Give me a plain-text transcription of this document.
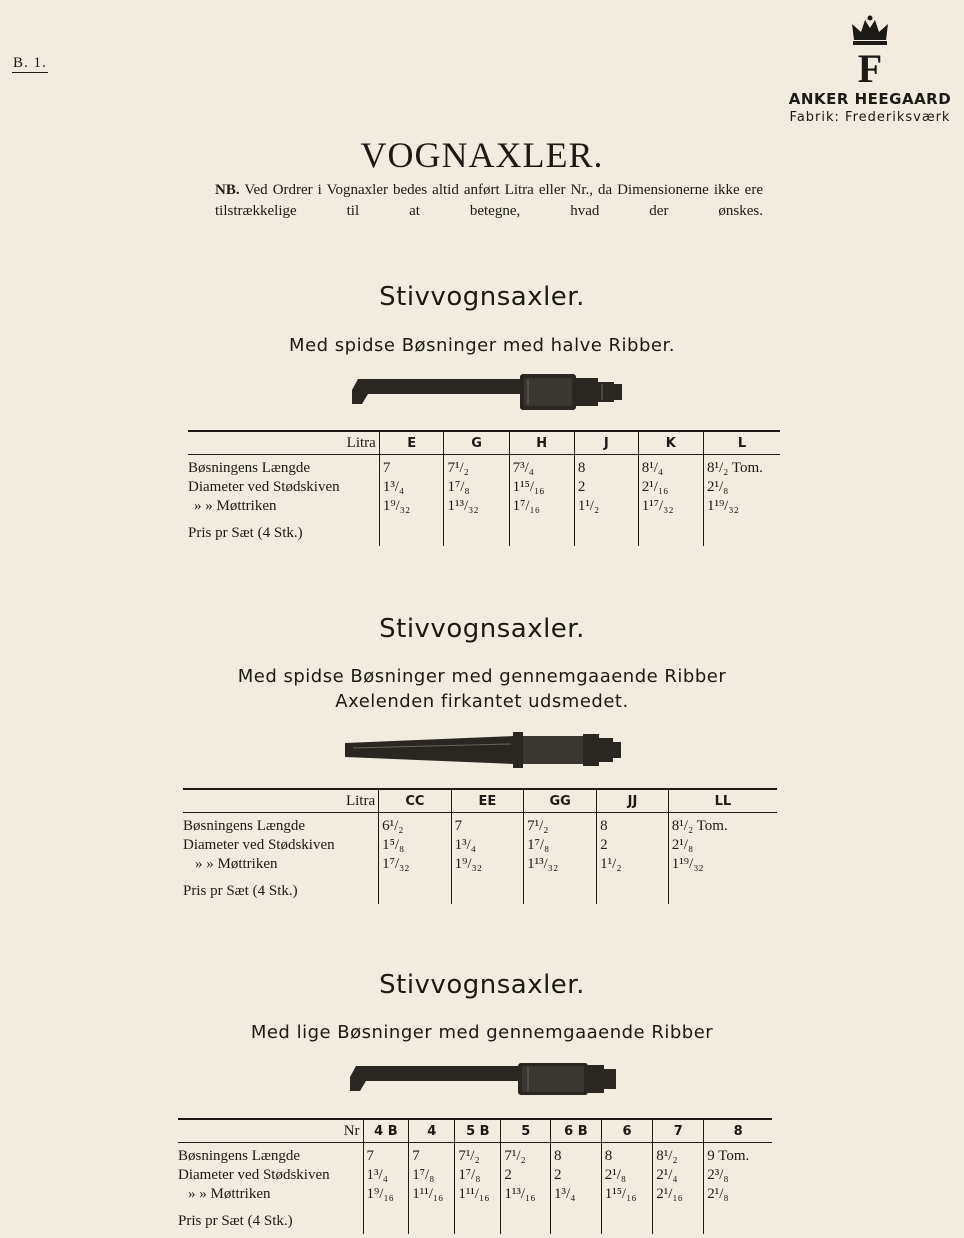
B. 1.	F
ANKER HEEGAARD
Fabrik: Frederiksværk
VOGNAXLER.
NB. Ved Ordrer i Vognaxler bedes altid anført Litra eller Nr., da Dimensionerne ikke ere tilstrækkelige til at betegne, hvad der ønskes.
Stivvognsaxler.
Med spidse Bøsninger med halve Ribber.
Litra	E	G	H	J	K	L
Bøsningens Længde	7	7¹/₂	7³/₄	8	8¹/₄	8¹/₂ Tom.
Diameter ved Stødskiven	1³/₄	1⁷/₈	1¹⁵/₁₆	2	2¹/₁₆	2¹/₈
» » Møttriken	1⁹/₃₂	1¹³/₃₂	1⁷/₁₆	1¹/₂	1¹⁷/₃₂	1¹⁹/₃₂
Pris pr Sæt (4 Stk.)						
Stivvognsaxler.
Med spidse Bøsninger med gennemgaaende Ribber
Axelenden firkantet udsmedet.
Litra	CC	EE	GG	JJ	LL
Bøsningens Længde	6¹/₂	7	7¹/₂	8	8¹/₂ Tom.
Diameter ved Stødskiven	1⁵/₈	1³/₄	1⁷/₈	2	2¹/₈
» » Møttriken	1⁷/₃₂	1⁹/₃₂	1¹³/₃₂	1¹/₂	1¹⁹/₃₂
Pris pr Sæt (4 Stk.)					
Stivvognsaxler.
Med lige Bøsninger med gennemgaaende Ribber
Nr	4 B	4	5 B	5	6 B	6	7	8
Bøsningens Længde	7	7	7¹/₂	7¹/₂	8	8	8¹/₂	9 Tom.
Diameter ved Stødskiven	1³/₄	1⁷/₈	1⁷/₈	2	2	2¹/₈	2¹/₄	2³/₈
» » Møttriken	1⁹/₁₆	1¹¹/₁₆	1¹¹/₁₆	1¹³/₁₆	1³/₄	1¹⁵/₁₆	2¹/₁₆	2¹/₈
Pris pr Sæt (4 Stk.)								
